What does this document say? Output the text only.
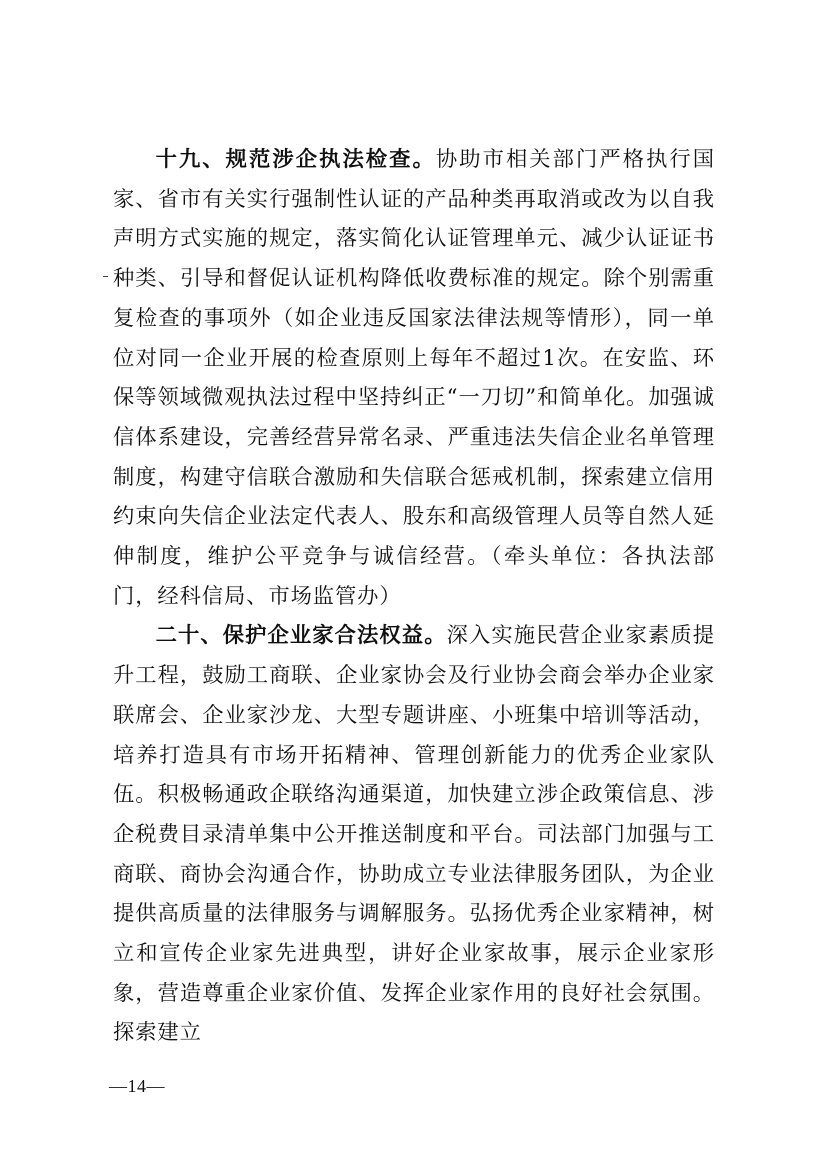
十九、规范涉企执法检查。协助市相关部门严格执行国家、省市有关实行强制性认证的产品种类再取消或改为以自我声明方式实施的规定，落实简化认证管理单元、减少认证证书种类、引导和督促认证机构降低收费标准的规定。除个别需重复检查的事项外（如企业违反国家法律法规等情形），同一单位对同一企业开展的检查原则上每年不超过1次。在安监、环保等领域微观执法过程中坚持纠正“一刀切”和简单化。加强诚信体系建设，完善经营异常名录、严重违法失信企业名单管理制度，构建守信联合激励和失信联合惩戒机制，探索建立信用约束向失信企业法定代表人、股东和高级管理人员等自然人延伸制度，维护公平竞争与诚信经营。（牵头单位：各执法部门，经科信局、市场监管办）

二十、保护企业家合法权益。深入实施民营企业家素质提升工程，鼓励工商联、企业家协会及行业协会商会举办企业家联席会、企业家沙龙、大型专题讲座、小班集中培训等活动，培养打造具有市场开拓精神、管理创新能力的优秀企业家队伍。积极畅通政企联络沟通渠道，加快建立涉企政策信息、涉企税费目录清单集中公开推送制度和平台。司法部门加强与工商联、商协会沟通合作，协助成立专业法律服务团队，为企业提供高质量的法律服务与调解服务。弘扬优秀企业家精神，树立和宣传企业家先进典型，讲好企业家故事，展示企业家形象，营造尊重企业家价值、发挥企业家作用的良好社会氛围。探索建立

—14—
